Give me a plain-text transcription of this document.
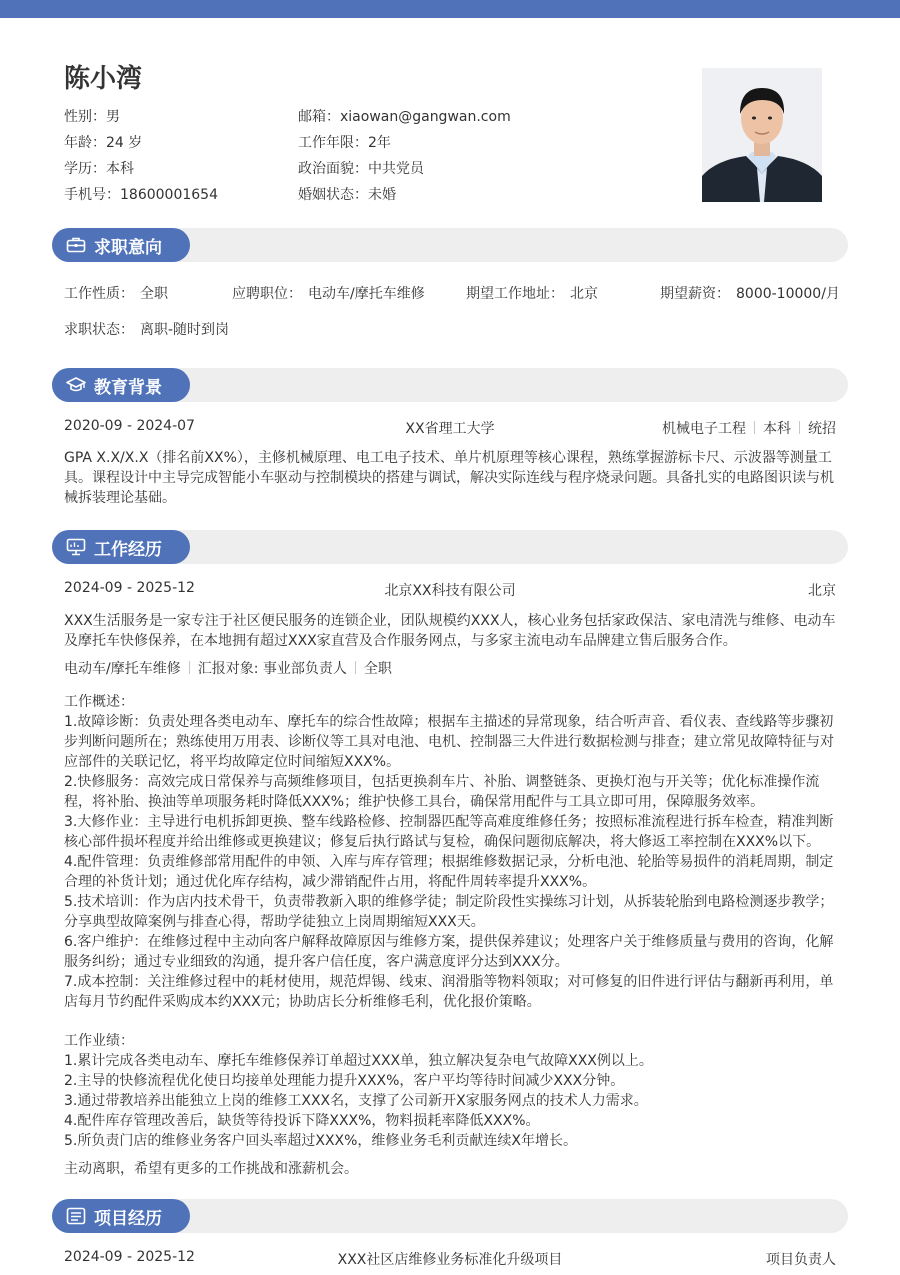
陈小湾
性别：男	邮箱：xiaowan@gangwan.com
年龄：24 岁	工作年限：2年
学历：本科	政治面貌：中共党员
手机号：18600001654	婚姻状态：未婚
求职意向
工作性质： 全职	应聘职位： 电动车/摩托车维修	期望工作地址： 北京	期望薪资： 8000-10000/月
求职状态： 离职-随时到岗
教育背景
2020-09 - 2024-07	XX省理工大学	机械电子工程 本科 统招
GPA X.X/X.X（排名前XX%），主修机械原理、电工电子技术、单片机原理等核心课程，熟练掌握游标卡尺、示波器等测量工具。课程设计中主导完成智能小车驱动与控制模块的搭建与调试，解决实际连线与程序烧录问题。具备扎实的电路图识读与机械拆装理论基础。
工作经历
2024-09 - 2025-12	北京XX科技有限公司	北京
XXX生活服务是一家专注于社区便民服务的连锁企业，团队规模约XXX人，核心业务包括家政保洁、家电清洗与维修、电动车及摩托车快修保养，在本地拥有超过XXX家直营及合作服务网点，与多家主流电动车品牌建立售后服务合作。
电动车/摩托车维修 汇报对象: 事业部负责人 全职
工作概述：
1.故障诊断：负责处理各类电动车、摩托车的综合性故障；根据车主描述的异常现象，结合听声音、看仪表、查线路等步骤初步判断问题所在；熟练使用万用表、诊断仪等工具对电池、电机、控制器三大件进行数据检测与排查；建立常见故障特征与对应部件的关联记忆，将平均故障定位时间缩短XXX%。
2.快修服务：高效完成日常保养与高频维修项目，包括更换刹车片、补胎、调整链条、更换灯泡与开关等；优化标准操作流程，将补胎、换油等单项服务耗时降低XXX%；维护快修工具台，确保常用配件与工具立即可用，保障服务效率。
3.大修作业：主导进行电机拆卸更换、整车线路检修、控制器匹配等高难度维修任务；按照标准流程进行拆车检查，精准判断核心部件损坏程度并给出维修或更换建议；修复后执行路试与复检，确保问题彻底解决，将大修返工率控制在XXX%以下。
4.配件管理：负责维修部常用配件的申领、入库与库存管理；根据维修数据记录，分析电池、轮胎等易损件的消耗周期，制定合理的补货计划；通过优化库存结构，减少滞销配件占用，将配件周转率提升XXX%。
5.技术培训：作为店内技术骨干，负责带教新入职的维修学徒；制定阶段性实操练习计划，从拆装轮胎到电路检测逐步教学；分享典型故障案例与排查心得，帮助学徒独立上岗周期缩短XXX天。
6.客户维护：在维修过程中主动向客户解释故障原因与维修方案，提供保养建议；处理客户关于维修质量与费用的咨询，化解服务纠纷；通过专业细致的沟通，提升客户信任度，客户满意度评分达到XXX分。
7.成本控制：关注维修过程中的耗材使用，规范焊锡、线束、润滑脂等物料领取；对可修复的旧件进行评估与翻新再利用，单店每月节约配件采购成本约XXX元；协助店长分析维修毛利，优化报价策略。
工作业绩：
1.累计完成各类电动车、摩托车维修保养订单超过XXX单，独立解决复杂电气故障XXX例以上。
2.主导的快修流程优化使日均接单处理能力提升XXX%，客户平均等待时间减少XXX分钟。
3.通过带教培养出能独立上岗的维修工XXX名，支撑了公司新开X家服务网点的技术人力需求。
4.配件库存管理改善后，缺货等待投诉下降XXX%，物料损耗率降低XXX%。
5.所负责门店的维修业务客户回头率超过XXX%，维修业务毛利贡献连续X年增长。
主动离职，希望有更多的工作挑战和涨薪机会。
项目经历
2024-09 - 2025-12	XXX社区店维修业务标准化升级项目	项目负责人
